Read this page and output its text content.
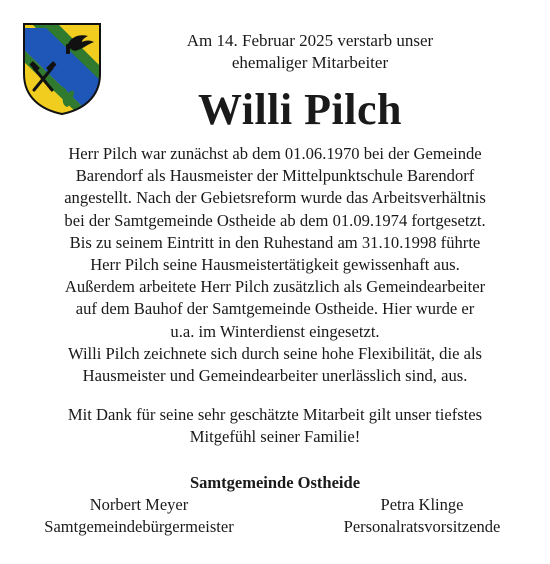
Am 14. Februar 2025 verstarb unser
ehemaliger Mitarbeiter
Willi Pilch

Herr Pilch war zunächst ab dem 01.06.1970 bei der Gemeinde

Barendorf als Hausmeister der Mittelpunktschule Barendorf

angestellt. Nach der Gebietsreform wurde das Arbeitsverhältnis

bei der Samtgemeinde Ostheide ab dem 01.09.1974 fortgesetzt.

Bis zu seinem Eintritt in den Ruhestand am 31.10.1998 führte

Herr Pilch seine Hausmeistertätigkeit gewissenhaft aus.

Außerdem arbeitete Herr Pilch zusätzlich als Gemeindearbeiter

auf dem Bauhof der Samtgemeinde Ostheide. Hier wurde er

u.a. im Winterdienst eingesetzt.

Willi Pilch zeichnete sich durch seine hohe Flexibilität, die als

Hausmeister und Gemeindearbeiter unerlässlich sind, aus.

Mit Dank für seine sehr geschätzte Mitarbeit gilt unser tiefstes

Mitgefühl seiner Familie!

Samtgemeinde Ostheide
Norbert Meyer
Samtgemeindebürgermeister
Petra Klinge
Personalratsvorsitzende
